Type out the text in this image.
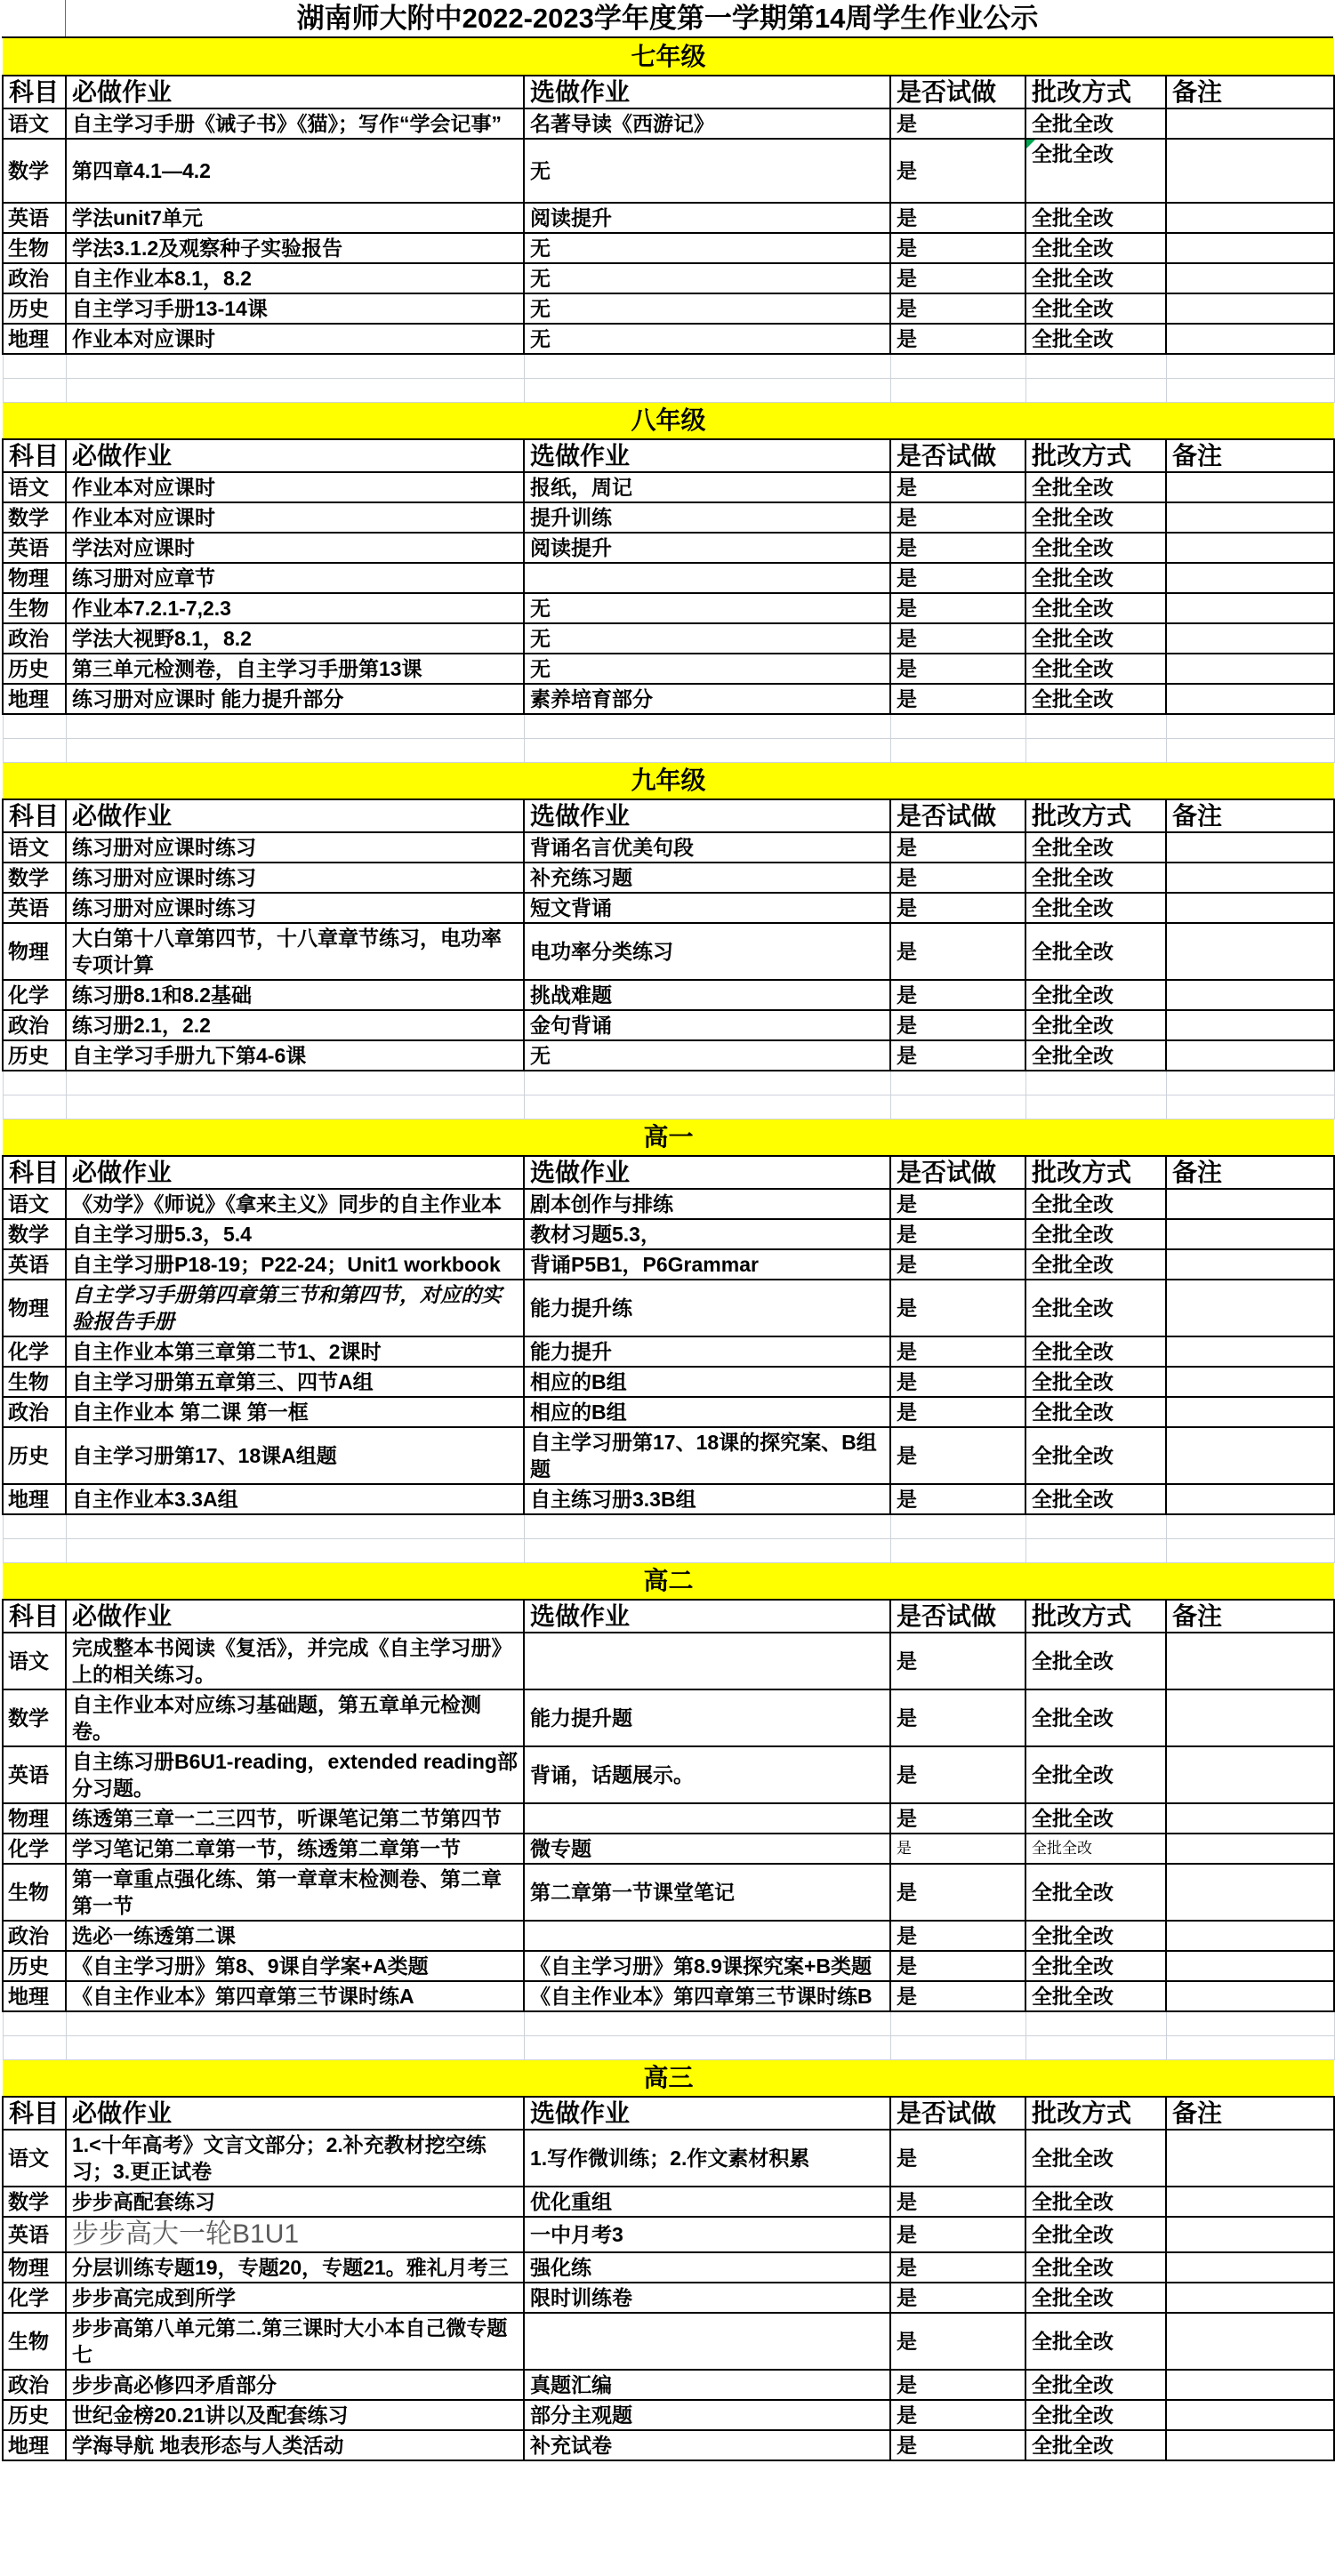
湖南师大附中2022-2023学年度第一学期第14周学生作业公示
七年级					
科目	必做作业	选做作业	是否试做	批改方式	备注
语文	自主学习手册《诫子书》《猫》；写作“学会记事”	名著导读《西游记》	是	全批全改	
数学	第四章4.1—4.2	无	是	全批全改

英语	学法unit7单元	阅读提升	是	全批全改	
生物	学法3.1.2及观察种子实验报告	无	是	全批全改	
政治	自主作业本8.1，8.2	无	是	全批全改	
历史	自主学习手册13-14课	无	是	全批全改	
地理	作业本对应课时	无	是	全批全改	

八年级					
科目	必做作业	选做作业	是否试做	批改方式	备注
语文	作业本对应课时	报纸，周记	是	全批全改	
数学	作业本对应课时	提升训练	是	全批全改	
英语	学法对应课时	阅读提升	是	全批全改	
物理	练习册对应章节		是	全批全改	
生物	作业本7.2.1-7,2.3	无	是	全批全改	
政治	学法大视野8.1，8.2	无	是	全批全改	
历史	第三单元检测卷，自主学习手册第13课	无	是	全批全改	
地理	练习册对应课时 能力提升部分	素养培育部分	是	全批全改	

九年级					
科目	必做作业	选做作业	是否试做	批改方式	备注
语文	练习册对应课时练习	背诵名言优美句段	是	全批全改	
数学	练习册对应课时练习	补充练习题	是	全批全改	
英语	练习册对应课时练习	短文背诵	是	全批全改	
物理	大白第十八章第四节，十八章章节练习，电功率专项计算	电功率分类练习	是	全批全改	
化学	练习册8.1和8.2基础	挑战难题	是	全批全改	
政治	练习册2.1，2.2	金句背诵	是	全批全改	
历史	自主学习手册九下第4-6课	无	是	全批全改	

高一					
科目	必做作业	选做作业	是否试做	批改方式	备注
语文	《劝学》《师说》《拿来主义》同步的自主作业本	剧本创作与排练	是	全批全改	
数学	自主学习册5.3，5.4	教材习题5.3，	是	全批全改	
英语	自主学习册P18-19；P22-24；Unit1 workbook	背诵P5B1，P6Grammar	是	全批全改	
物理	自主学习手册第四章第三节和第四节，对应的实验报告手册	能力提升练	是	全批全改	
化学	自主作业本第三章第二节1、2课时	能力提升	是	全批全改	
生物	自主学习册第五章第三、四节A组	相应的B组	是	全批全改	
政治	自主作业本 第二课 第一框	相应的B组	是	全批全改	
历史	自主学习册第17、18课A组题	自主学习册第17、18课的探究案、B组题	是	全批全改	
地理	自主作业本3.3A组	自主练习册3.3B组	是	全批全改	

高二					
科目	必做作业	选做作业	是否试做	批改方式	备注
语文	完成整本书阅读《复活》，并完成《自主学习册》上的相关练习。		是	全批全改	
数学	自主作业本对应练习基础题，第五章单元检测卷。	能力提升题	是	全批全改	
英语	自主练习册B6U1-reading，extended reading部分习题。	背诵，话题展示。	是	全批全改	
物理	练透第三章一二三四节，听课笔记第二节第四节		是	全批全改	
化学	学习笔记第二章第一节，练透第二章第一节	微专题	是	全批全改	
生物	第一章重点强化练、第一章章末检测卷、第二章第一节	第二章第一节课堂笔记	是	全批全改	
政治	选必一练透第二课		是	全批全改	
历史	《自主学习册》第8、9课自学案+A类题	《自主学习册》第8.9课探究案+B类题	是	全批全改	
地理	《自主作业本》第四章第三节课时练A	《自主作业本》第四章第三节课时练B	是	全批全改	

高三					
科目	必做作业	选做作业	是否试做	批改方式	备注
语文	1.<十年高考》文言文部分；2.补充教材挖空练习；3.更正试卷	1.写作微训练；2.作文素材积累	是	全批全改	
数学	步步高配套练习	优化重组	是	全批全改	
英语	步步高大一轮B1U1	一中月考3	是	全批全改	
物理	分层训练专题19，专题20，专题21。雅礼月考三	强化练	是	全批全改	
化学	步步高完成到所学	限时训练卷	是	全批全改	
生物	步步高第八单元第二.第三课时大小本自己微专题七		是	全批全改	
政治	步步高必修四矛盾部分	真题汇编	是	全批全改	
历史	世纪金榜20.21讲以及配套练习	部分主观题	是	全批全改	
地理	学海导航 地表形态与人类活动	补充试卷	是	全批全改	
